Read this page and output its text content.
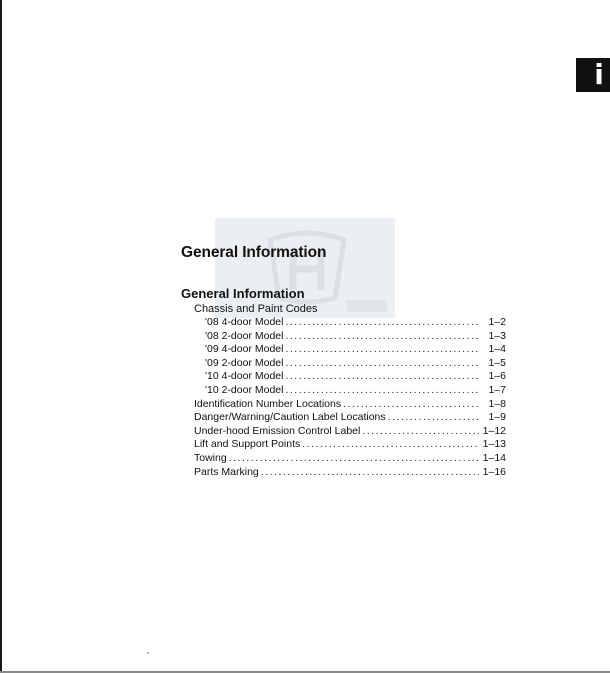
i
General Information
General Information
Chassis and Paint Codes
'08 4-door Model .....	1–2
'08 2-door Model .....	1–3
'09 4-door Model .....	1–4
'09 2-door Model .....	1–5
'10 4-door Model .....	1–6
'10 2-door Model .....	1–7
Identification Number Locations .....	1–8
Danger/Warning/Caution Label Locations .....	1–9
Under-hood Emission Control Label .....	1–12
Lift and Support Points .....	1–13
Towing .....	1–14
Parts Marking .....	1–16
